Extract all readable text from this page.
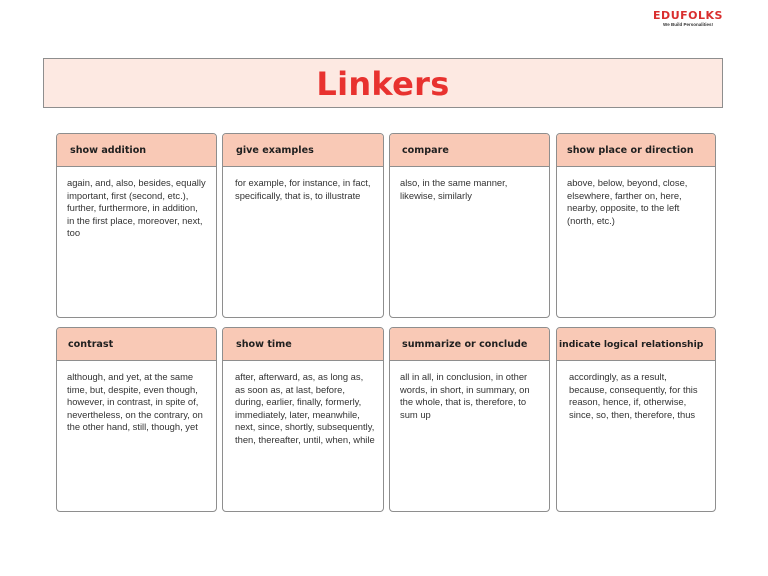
EDUFOLKS
We Build Personalities!
Linkers
show addition
again, and, also, besides, equally important, first (second, etc.), further, furthermore, in addition, in the first place, moreover, next, too
give examples
for example, for instance, in fact, specifically, that is, to illustrate
compare
also, in the same manner, likewise, similarly
show place or direction
above, below, beyond, close, elsewhere, farther on, here, nearby, opposite, to the left (north, etc.)
contrast
although, and yet, at the same time, but, despite, even though, however, in contrast, in spite of, nevertheless, on the contrary, on the other hand, still, though, yet
show time
after, afterward, as, as long as, as soon as, at last, before, during, earlier, finally, formerly, immediately, later, meanwhile, next, since, shortly, subsequently, then, thereafter, until, when, while
summarize or conclude
all in all, in conclusion, in other words, in short, in summary, on the whole, that is, therefore, to sum up
indicate logical relationship
accordingly, as a result, because, consequently, for this reason, hence, if, otherwise, since, so, then, therefore, thus
